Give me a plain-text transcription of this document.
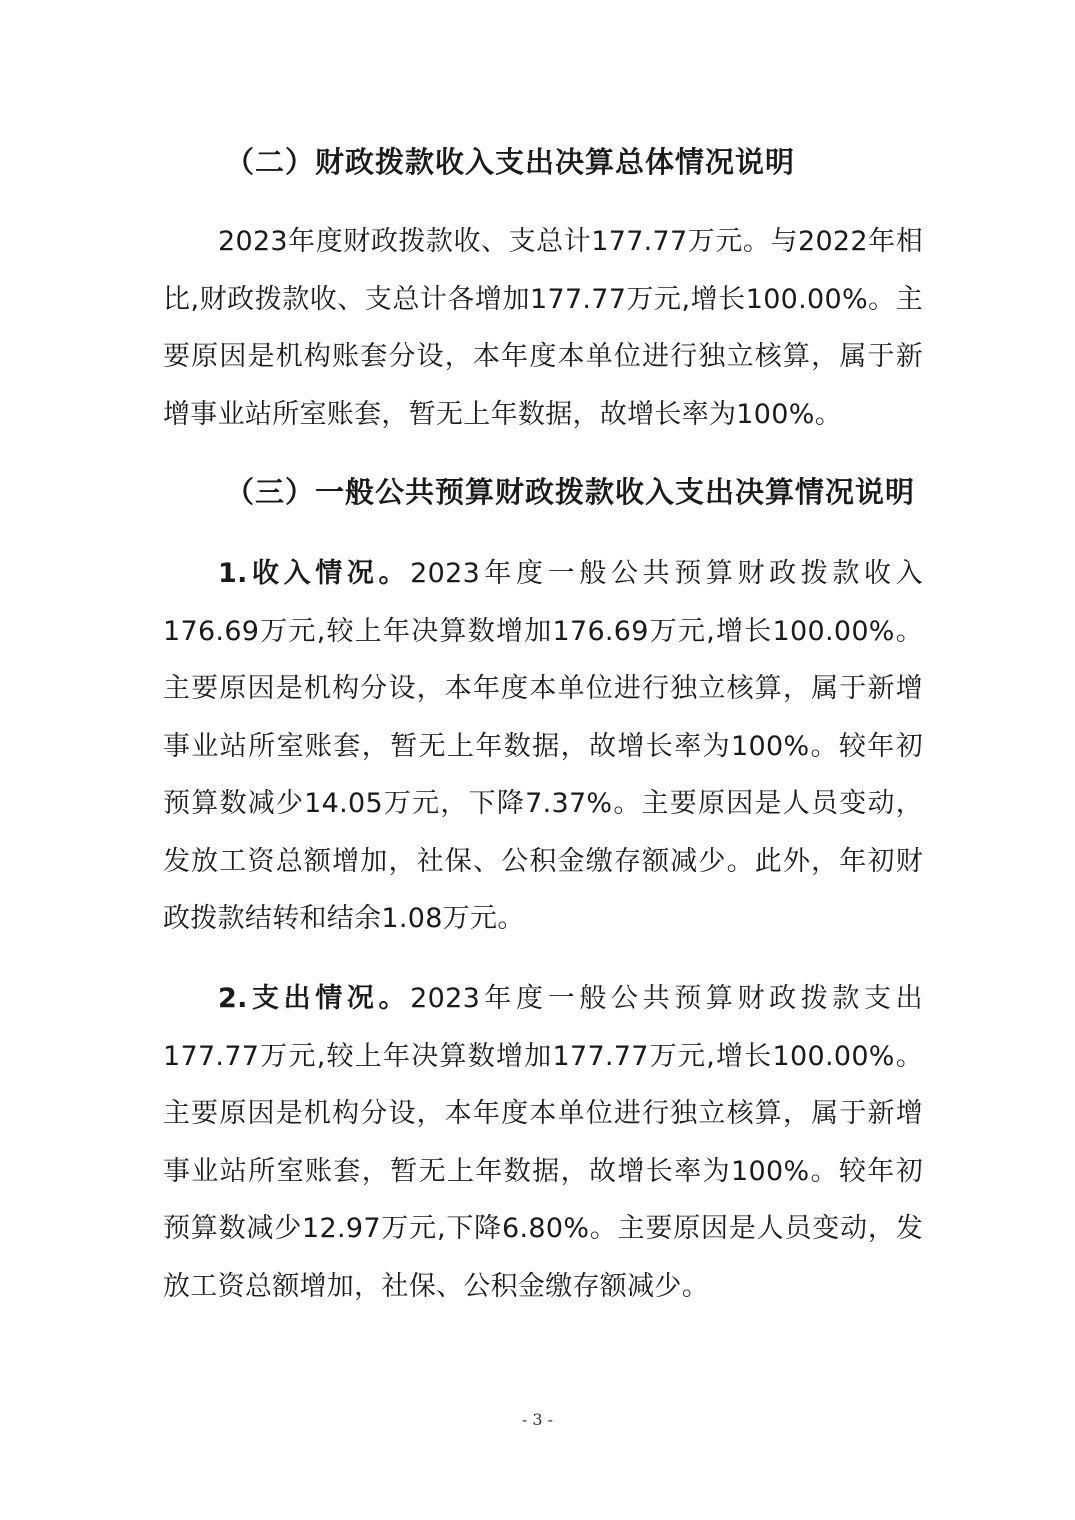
（二）财政拨款收入支出决算总体情况说明

2023年度财政拨款收、支总计177.77万元。与2022年相比,财政拨款收、支总计各增加177.77万元,增长100.00%。主要原因是机构账套分设，本年度本单位进行独立核算，属于新增事业站所室账套，暂无上年数据，故增长率为100%。

（三）一般公共预算财政拨款收入支出决算情况说明

1.收入情况。2023年度一般公共预算财政拨款收入176.69万元,较上年决算数增加176.69万元,增长100.00%。主要原因是机构分设，本年度本单位进行独立核算，属于新增事业站所室账套，暂无上年数据，故增长率为100%。较年初预算数减少14.05万元，下降7.37%。主要原因是人员变动，发放工资总额增加，社保、公积金缴存额减少。此外，年初财政拨款结转和结余1.08万元。

2.支出情况。2023年度一般公共预算财政拨款支出177.77万元,较上年决算数增加177.77万元,增长100.00%。主要原因是机构分设，本年度本单位进行独立核算，属于新增事业站所室账套，暂无上年数据，故增长率为100%。较年初预算数减少12.97万元,下降6.80%。主要原因是人员变动，发放工资总额增加，社保、公积金缴存额减少。

- 3 -
